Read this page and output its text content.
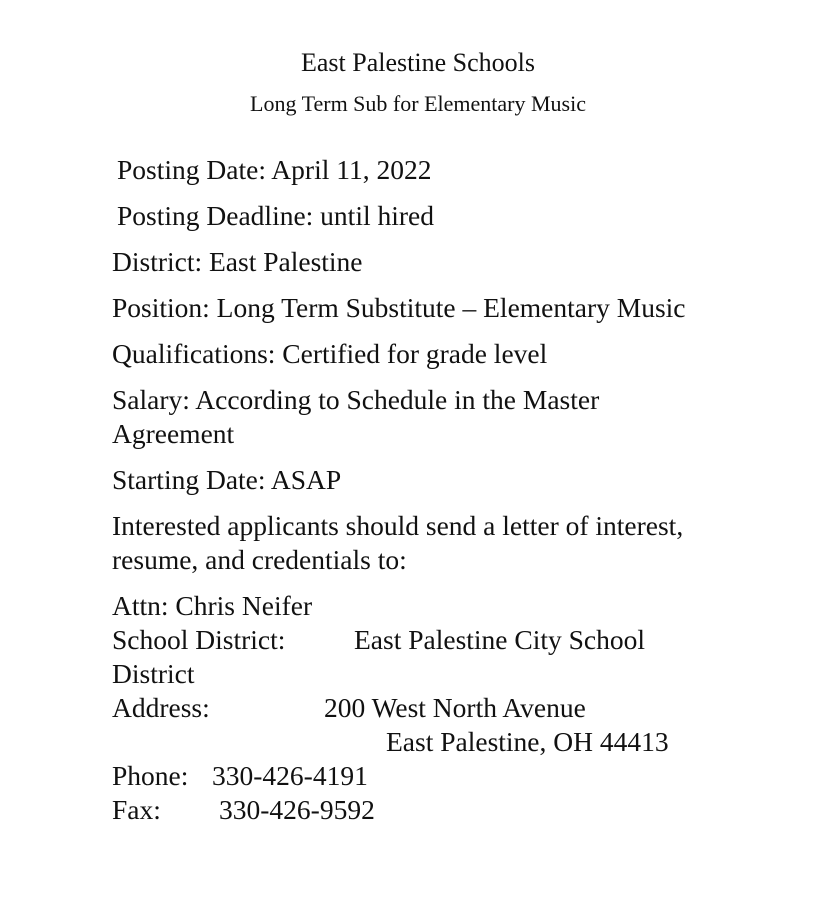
East Palestine Schools
Long Term Sub for Elementary Music
Posting Date: April 11, 2022
Posting Deadline: until hired
District: East Palestine
Position: Long Term Substitute – Elementary Music
Qualifications: Certified for grade level
Salary: According to Schedule in the Master Agreement
Starting Date: ASAP
Interested applicants should send a letter of interest, resume, and credentials to:
Attn: Chris Neifer
School District: East Palestine City School
District
Address:	200 West North Avenue
East Palestine, OH 44413
Phone: 330-426-4191
Fax: 330-426-9592
